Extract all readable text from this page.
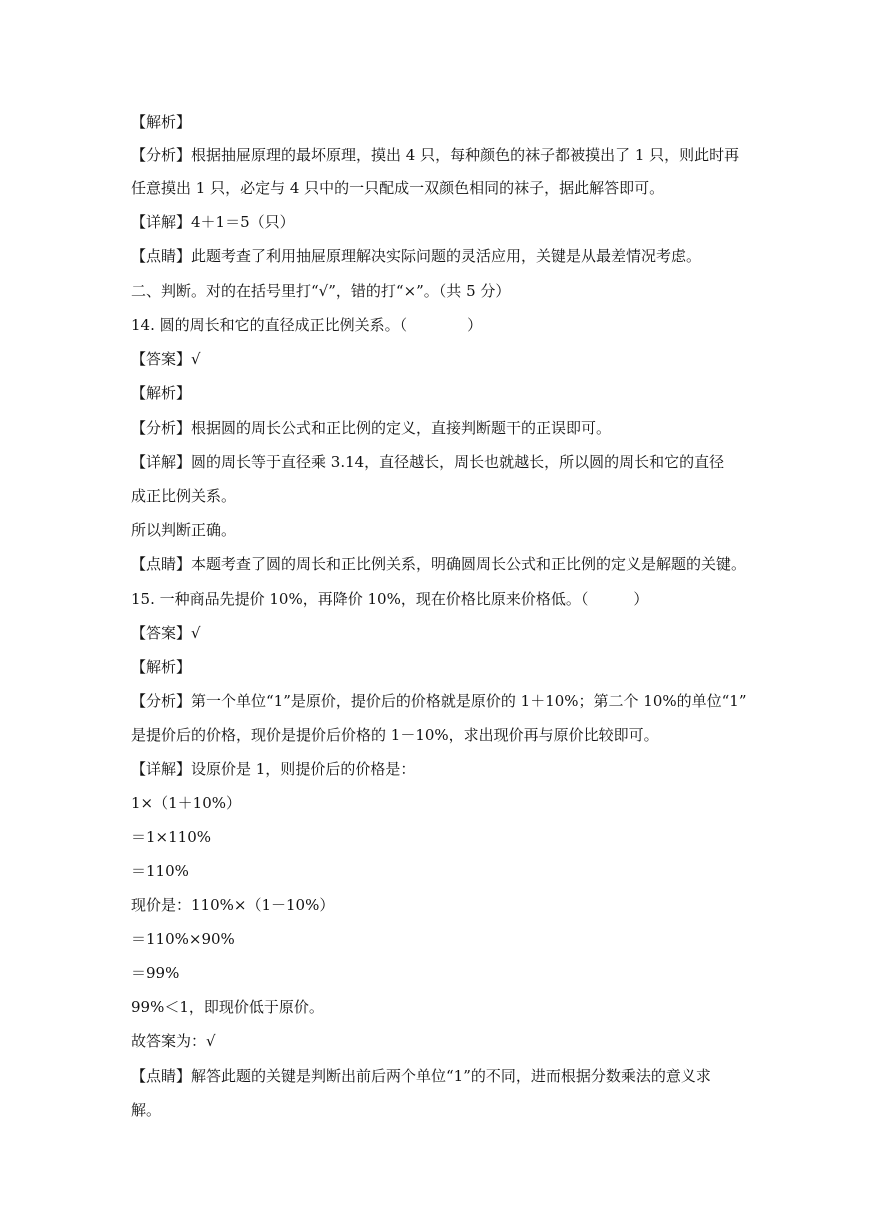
【解析】
【分析】根据抽屉原理的最坏原理，摸出 4 只，每种颜色的袜子都被摸出了 1 只，则此时再
任意摸出 1 只，必定与 4 只中的一只配成一双颜色相同的袜子，据此解答即可。
【详解】4＋1＝5（只）
【点睛】此题考查了利用抽屉原理解决实际问题的灵活应用，关键是从最差情况考虑。
二、判断。对的在括号里打“√”，错的打“×”。（共 5 分）
14. 圆的周长和它的直径成正比例关系。（　　　　）
【答案】√
【解析】
【分析】根据圆的周长公式和正比例的定义，直接判断题干的正误即可。
【详解】圆的周长等于直径乘 3.14，直径越长，周长也就越长，所以圆的周长和它的直径
成正比例关系。
所以判断正确。
【点睛】本题考查了圆的周长和正比例关系，明确圆周长公式和正比例的定义是解题的关键。
15. 一种商品先提价 10%，再降价 10%，现在价格比原来价格低。（　　　）
【答案】√
【解析】
【分析】第一个单位“1”是原价，提价后的价格就是原价的 1＋10%；第二个 10%的单位“1”
是提价后的价格，现价是提价后价格的 1－10%，求出现价再与原价比较即可。
【详解】设原价是 1，则提价后的价格是：
1×（1＋10%）
＝1×110%
＝110%
现价是：110%×（1－10%）
＝110%×90%
＝99%
99%＜1，即现价低于原价。
故答案为：√
【点睛】解答此题的关键是判断出前后两个单位“1”的不同，进而根据分数乘法的意义求
解。
